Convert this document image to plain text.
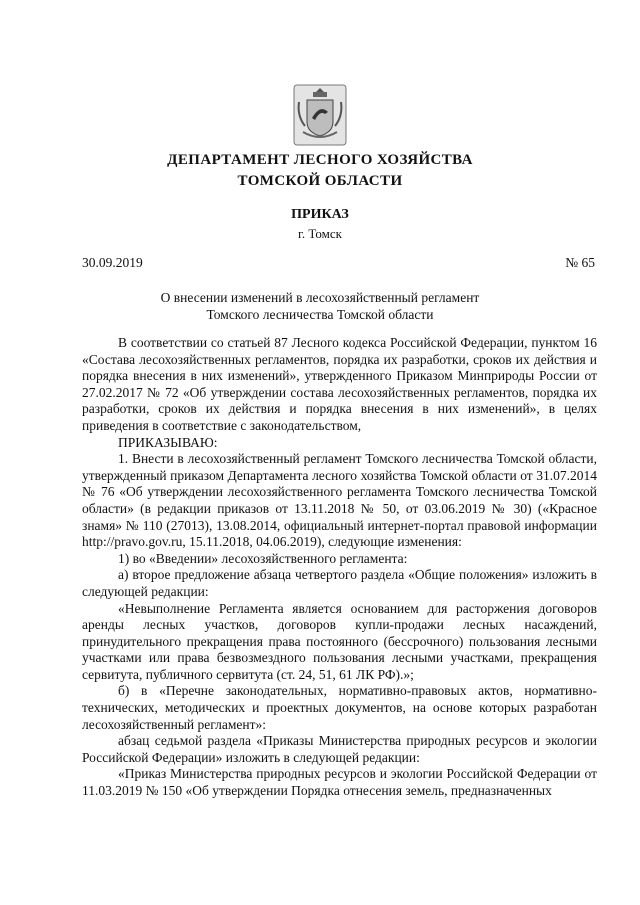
ДЕПАРТАМЕНТ ЛЕСНОГО ХОЗЯЙСТВА
ТОМСКОЙ ОБЛАСТИ
ПРИКАЗ
г. Томск
30.09.2019	№ 65
О внесении изменений в лесохозяйственный регламент
Томского лесничества Томской области

В соответствии со статьей 87 Лесного кодекса Российской Федерации, пунктом 16 «Состава лесохозяйственных регламентов, порядка их разработки, сроков их действия и порядка внесения в них изменений», утвержденного Приказом Минприроды России от 27.02.2017 № 72 «Об утверждении состава лесохозяйственных регламентов, порядка их разработки, сроков их действия и порядка внесения в них изменений», в целях приведения в соответствие с законодательством,

ПРИКАЗЫВАЮ:

1. Внести в лесохозяйственный регламент Томского лесничества Томской области, утвержденный приказом Департамента лесного хозяйства Томской области от 31.07.2014 № 76 «Об утверждении лесохозяйственного регламента Томского лесничества Томской области» (в редакции приказов от 13.11.2018 № 50, от 03.06.2019 № 30) («Красное знамя» № 110 (27013), 13.08.2014, официальный интернет-портал правовой информации http://pravo.gov.ru, 15.11.2018, 04.06.2019), следующие изменения:

1) во «Введении» лесохозяйственного регламента:

а) второе предложение абзаца четвертого раздела «Общие положения» изложить в следующей редакции:

«Невыполнение Регламента является основанием для расторжения договоров аренды лесных участков, договоров купли-продажи лесных насаждений, принудительного прекращения права постоянного (бессрочного) пользования лесными участками или права безвозмездного пользования лесными участками, прекращения сервитута, публичного сервитута (ст. 24, 51, 61 ЛК РФ).»;

б) в «Перечне законодательных, нормативно-правовых актов, нормативно-технических, методических и проектных документов, на основе которых разработан лесохозяйственный регламент»:

абзац седьмой раздела «Приказы Министерства природных ресурсов и экологии Российской Федерации» изложить в следующей редакции:

«Приказ Министерства природных ресурсов и экологии Российской Федерации от 11.03.2019 № 150 «Об утверждении Порядка отнесения земель, предназначенных
